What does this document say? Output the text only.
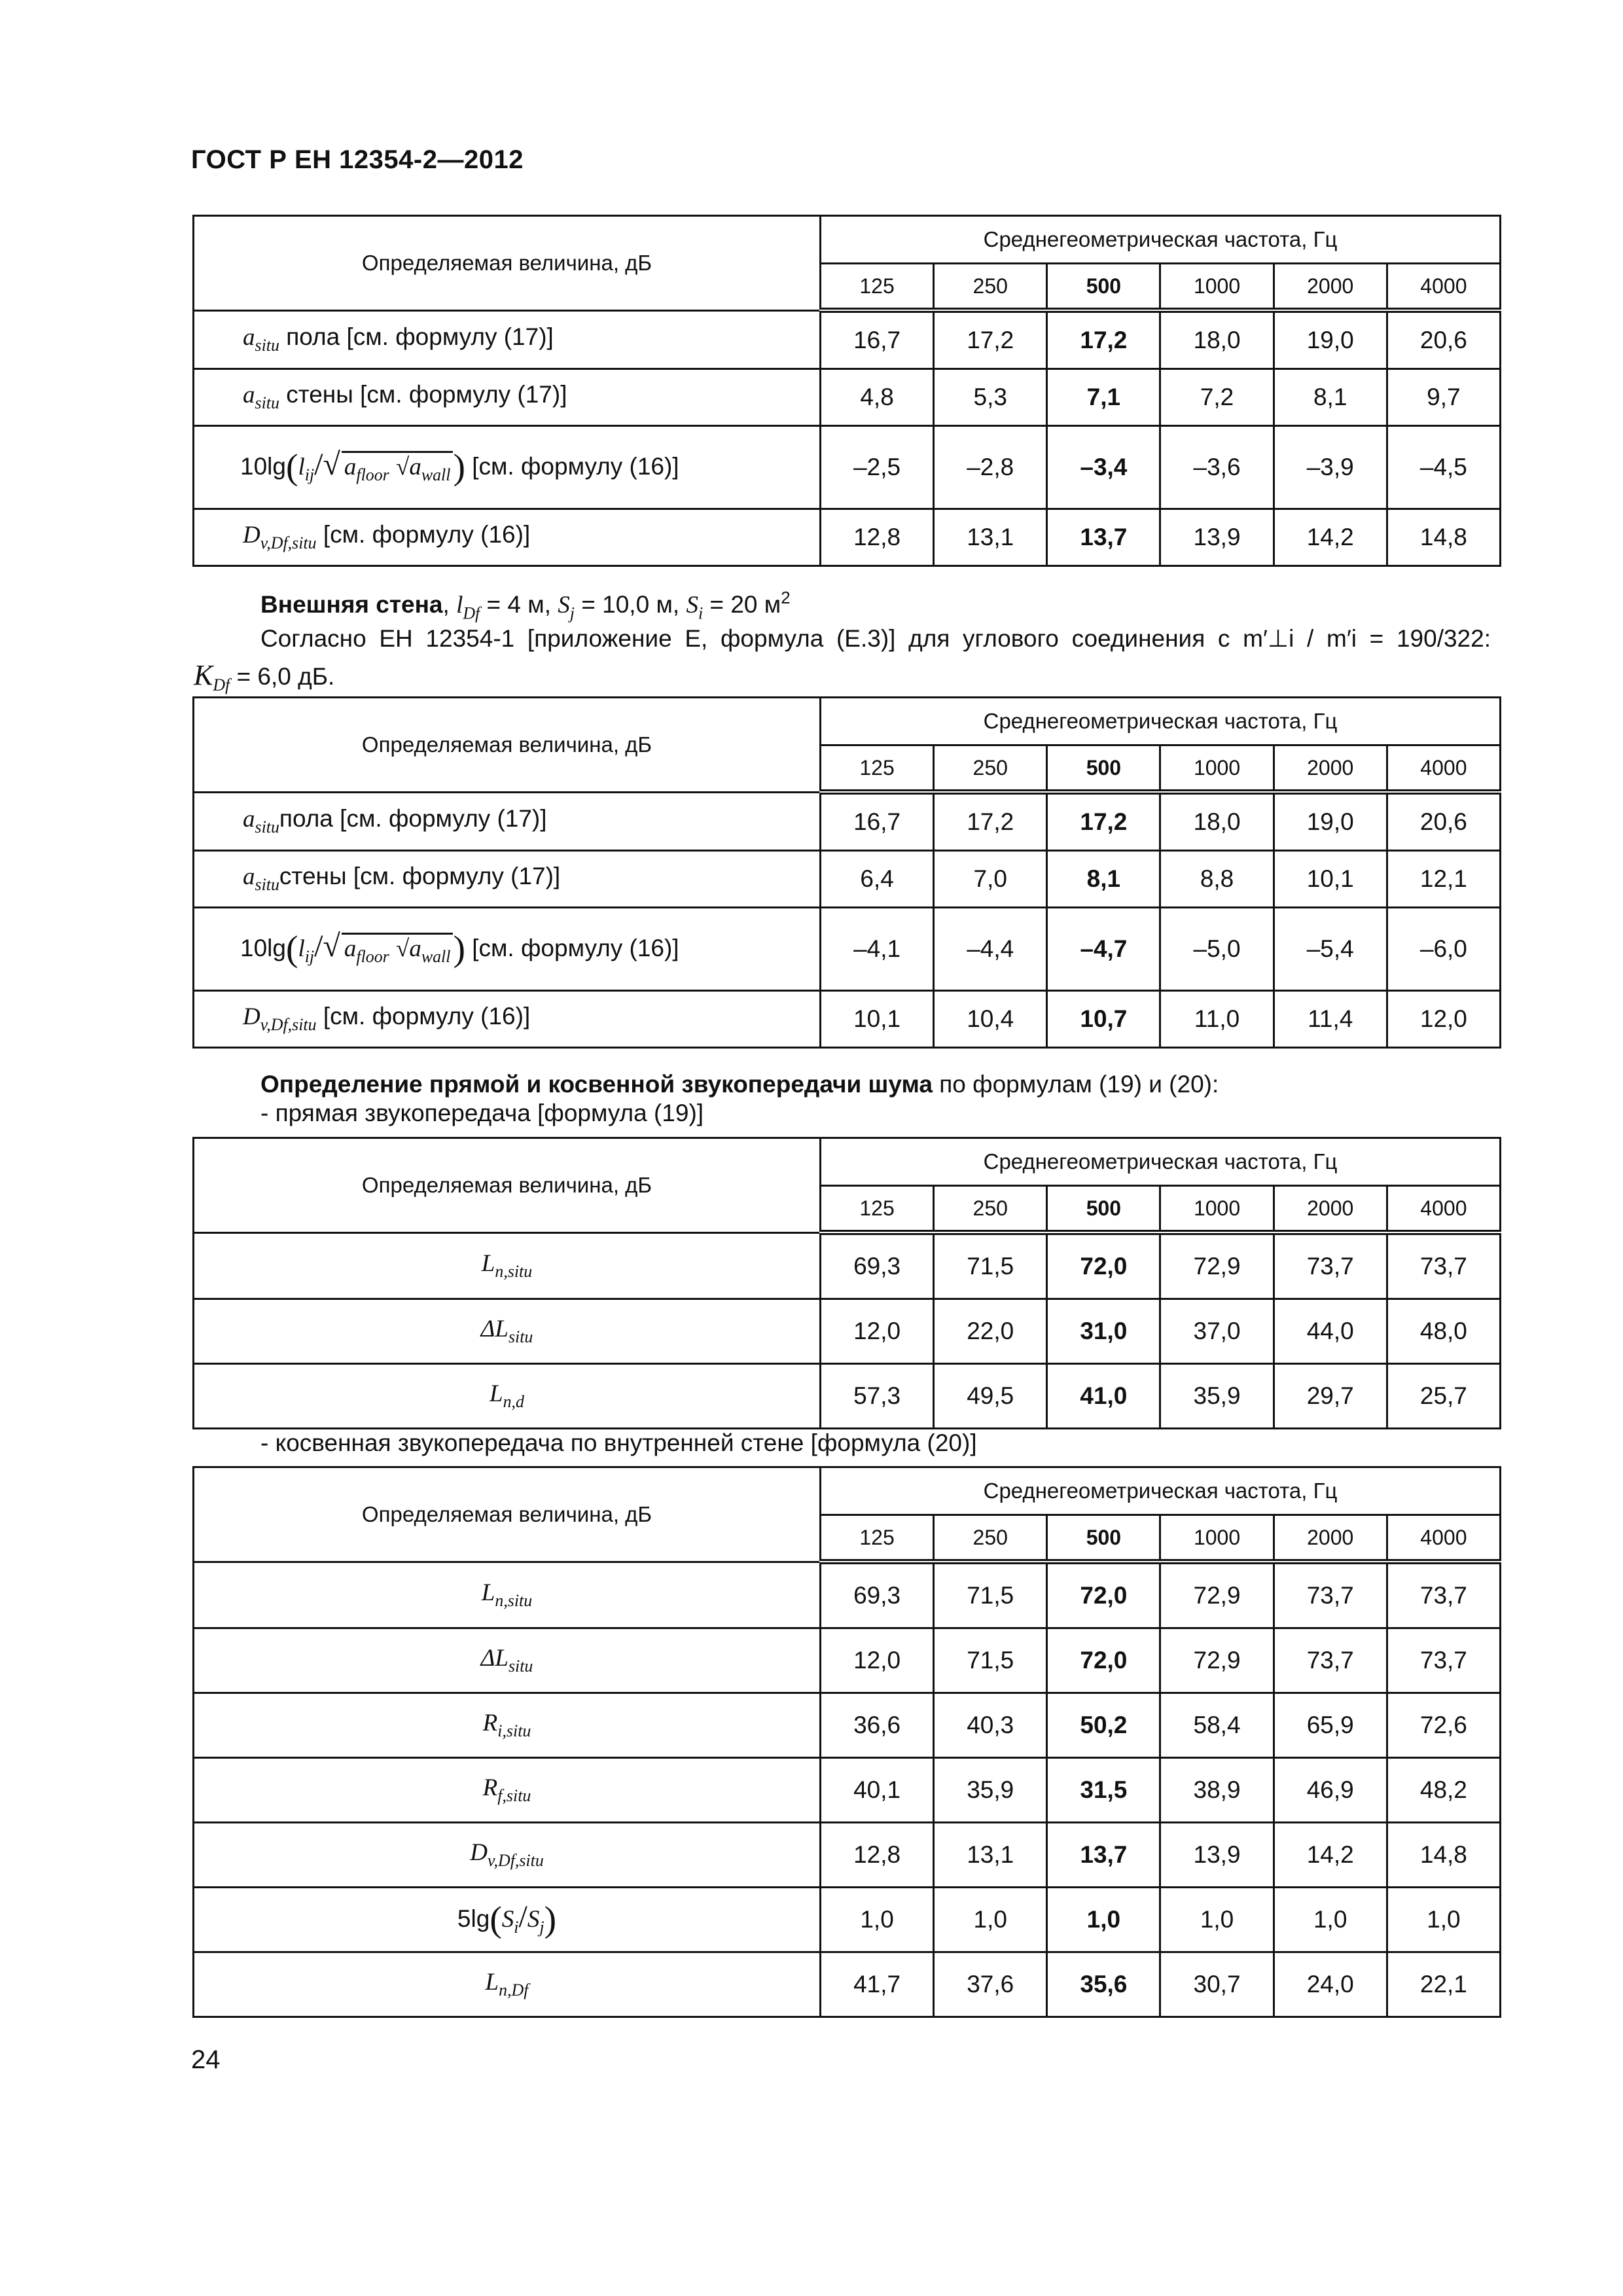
ГОСТ Р ЕН 12354-2—2012
Определяемая величина, дБ	Среднегеометрическая частота, Гц					
	125	250	500	1000	2000	4000
$a_{situ}$ пола [см. формулу (17)]	16,7	17,2	17,2	18,0	19,0	20,6
$a_{situ}$ стены [см. формулу (17)]	4,8	5,3	7,1	7,2	8,1	9,7
$10\lg(l_{ij}/√$ $a_{floor}$ $√a_{wall}$) [см. формулу (16)]	–2,5	–2,8	–3,4	–3,6	–3,9	–4,5
$D_{v,Df,situ}$ [см. формулу (16)]	12,8	13,1	13,7	13,9	14,2	14,8
Внешняя стена, $l_{Df} = 4$ м, $S_j = 10,0$ м, $S_i = 20$ $м^2$
Согласно ЕН 12354-1 [приложение Е, формула (Е.3)] для углового соединения с m′⊥i / m′i = 190/322:
$K_{Df} = 6,0$ дБ.
Определяемая величина, дБ	Среднегеометрическая частота, Гц					
	125	250	500	1000	2000	4000
$a_{situ}пола$ [см. формулу (17)]	16,7	17,2	17,2	18,0	19,0	20,6
$a_{situ}стены$ [см. формулу (17)]	6,4	7,0	8,1	8,8	10,1	12,1
$10\lg(l_{ij}/√$ $a_{floor}$ $√a_{wall}$) [см. формулу (16)]	–4,1	–4,4	–4,7	–5,0	–5,4	–6,0
$D_{v,Df,situ}$ [см. формулу (16)]	10,1	10,4	10,7	11,0	11,4	12,0
Определение прямой и косвенной звукопередачи шума по формулам (19) и (20):
- прямая звукопередача [формула (19)]
Определяемая величина, дБ	Среднегеометрическая частота, Гц					
	125	250	500	1000	2000	4000
$L_{n,situ}$	69,3	71,5	72,0	72,9	73,7	73,7
$\Delta L_{situ}$	12,0	22,0	31,0	37,0	44,0	48,0
$L_{n,d}$	57,3	49,5	41,0	35,9	29,7	25,7
- косвенная звукопередача по внутренней стене [формула (20)]
Определяемая величина, дБ	Среднегеометрическая частота, Гц					
	125	250	500	1000	2000	4000
$L_{n,situ}$	69,3	71,5	72,0	72,9	73,7	73,7
$\Delta L_{situ}$	12,0	71,5	72,0	72,9	73,7	73,7
$R_{i,situ}$	36,6	40,3	50,2	58,4	65,9	72,6
$R_{f,situ}$	40,1	35,9	31,5	38,9	46,9	48,2
$D_{v,Df,situ}$	12,8	13,1	13,7	13,9	14,2	14,8
$5\lg(S_i/S_j)$	1,0	1,0	1,0	1,0	1,0	1,0
$L_{n,Df}$	41,7	37,6	35,6	30,7	24,0	22,1
24
